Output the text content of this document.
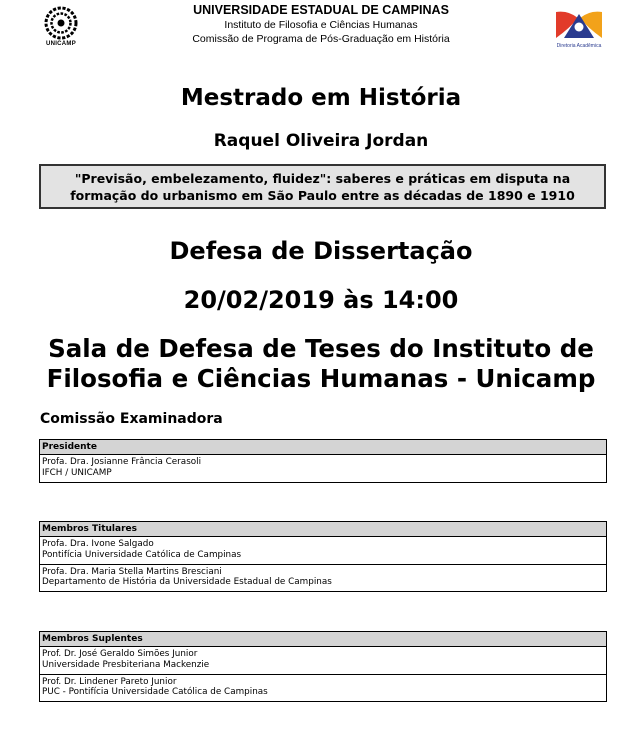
UNICAMP
UNIVERSIDADE ESTADUAL DE CAMPINAS
Instituto de Filosofia e Ciências Humanas
Comissão de Programa de Pós-Graduação em História
Diretoria Acadêmica
Mestrado em História
Raquel Oliveira Jordan
"Previsão, embelezamento, fluidez": saberes e práticas em disputa na formação do urbanismo em São Paulo entre as décadas de 1890 e 1910
Defesa de Dissertação
20/02/2019 às 14:00
Sala de Defesa de Teses do Instituto de Filosofia e Ciências Humanas - Unicamp
Comissão Examinadora
Presidente
Profa. Dra. Josianne Frância Cerasoli
IFCH / UNICAMP
Membros Titulares
Profa. Dra. Ivone Salgado
Pontifícia Universidade Católica de Campinas
Profa. Dra. Maria Stella Martins Bresciani
Departamento de História da Universidade Estadual de Campinas
Membros Suplentes
Prof. Dr. José Geraldo Simões Junior
Universidade Presbiteriana Mackenzie
Prof. Dr. Lindener Pareto Junior
PUC - Pontifícia Universidade Católica de Campinas
